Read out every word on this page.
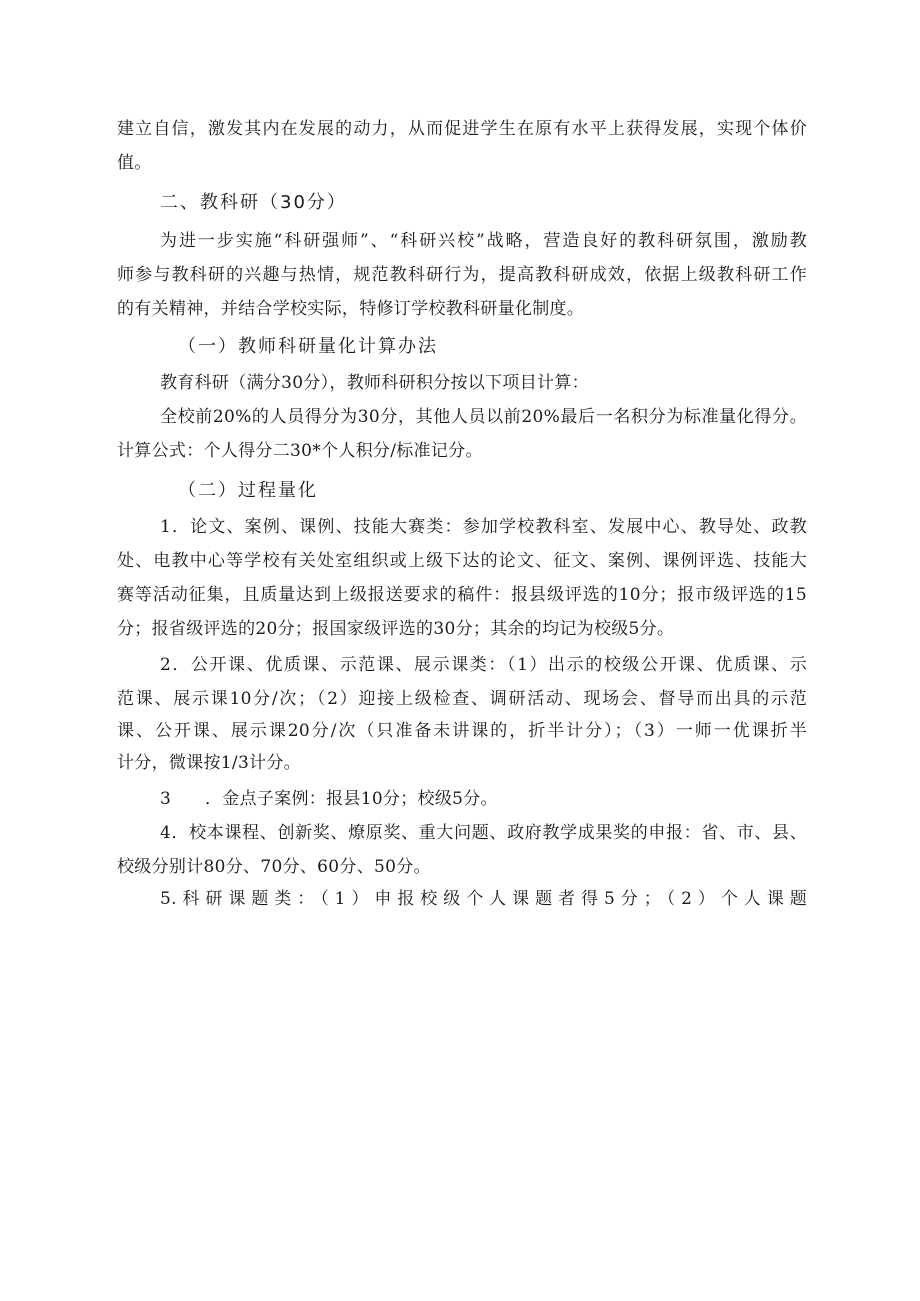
建立自信，激发其内在发展的动力，从而促进学生在原有水平上获得发展，实现个体价
值。
二、教科研（30分）
为进一步实施“科研强师”、“科研兴校”战略，营造良好的教科研氛围，激励教
师参与教科研的兴趣与热情，规范教科研行为，提高教科研成效，依据上级教科研工作
的有关精神，并结合学校实际，特修订学校教科研量化制度。
（一）教师科研量化计算办法
教育科研（满分30分），教师科研积分按以下项目计算：
全校前20%的人员得分为30分，其他人员以前20%最后一名积分为标准量化得分。
计算公式：个人得分二30*个人积分/标准记分。
（二）过程量化
1．论文、案例、课例、技能大赛类：参加学校教科室、发展中心、教导处、政教
处、电教中心等学校有关处室组织或上级下达的论文、征文、案例、课例评选、技能大
赛等活动征集，且质量达到上级报送要求的稿件：报县级评选的10分；报市级评选的15
分；报省级评选的20分；报国家级评选的30分；其余的均记为校级5分。
2．公开课、优质课、示范课、展示课类：（1）出示的校级公开课、优质课、示
范课、展示课10分/次；（2）迎接上级检查、调研活动、现场会、督导而出具的示范
课、公开课、展示课20分/次（只准备未讲课的，折半计分）；（3）一师一优课折半
计分，微课按1/3计分。
3 ．金点子案例：报县10分；校级5分。
4．校本课程、创新奖、燎原奖、重大问题、政府教学成果奖的申报：省、市、县、
校级分别计80分、70分、60分、50分。
5.科研课题类：（1）申报校级个人课题者得5分；（2）个人课题
